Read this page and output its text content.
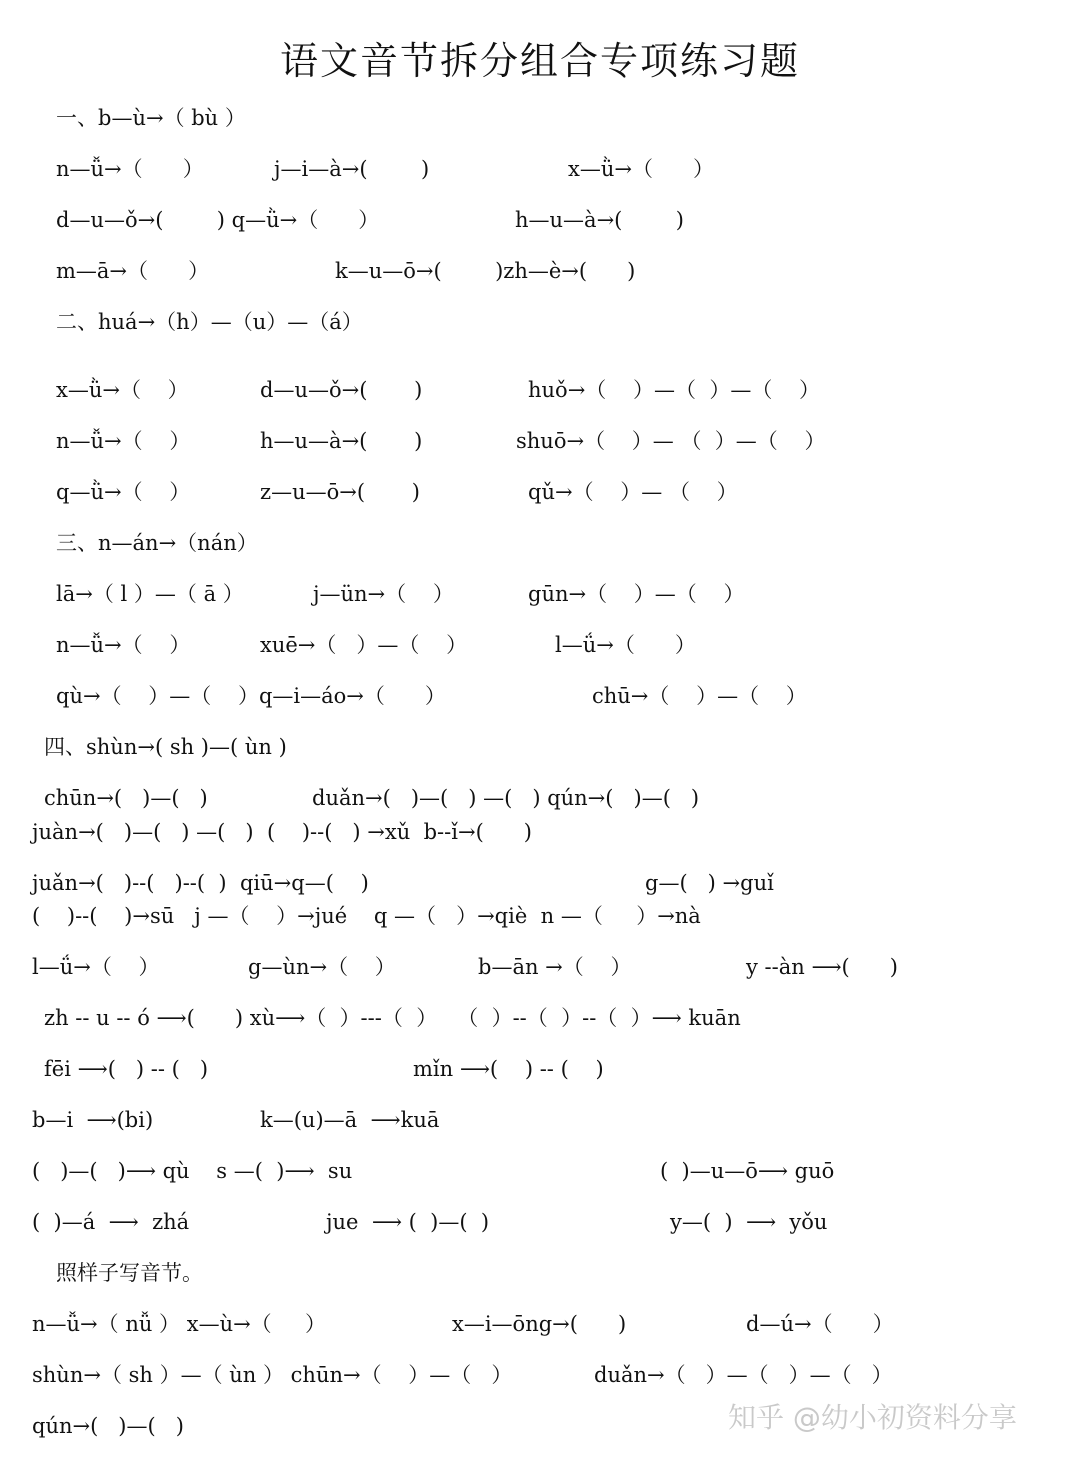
语文音节拆分组合专项练习题
一、b—ù→（ bù ）
n—ǚ→（      ）	j—i—à→(        )	x—ǜ→（      ）
d—u—ǒ→(        ) q—ǜ→（      ）	h—u—à→(        )
m—ā→（      ）	k—u—ō→(        )zh—è→(      )
二、huá→（h）—（u）—（á）
x—ǜ→（    ）	d—u—ǒ→(       )	huǒ→（    ）—（  ）—（    ）
n—ǚ→（    ）	h—u—à→(       )	shuō→（    ）— （  ）—（    ）
q—ǜ→（    ）	z—u—ō→(       )	qǔ→（    ）— （    ）
三、n—án→（nán）
lā→（ l ）—（ ā ）	j—ün→（    ）	gūn→（    ）—（    ）
n—ǚ→（    ）	xuē→（   ）—（    ）	l—ǘ→（      ）
qù→（    ）—（    ）q—i—áo→（      ）	chū→（    ）—（    ）
四、shùn→( sh )—( ùn )
chūn→(   )—(   )	duǎn→(   )—(   ) —(   ) qún→(   )—(   )
juàn→(   )—(   ) —(   )  (    )--(   ) →xǔ  b--ǐ→(      )
juǎn→(   )--(   )--(  )  qiū→q—(    )	g—(   ) →guǐ
(    )--(    )→sū   j —（    ）→jué    q —（   ）→qiè  n —（     ）→nà
l—ǘ→（    ）	g—ùn→（    ）	b—ān →（    ）	y --àn ⟶(      )
zh -- u -- ó ⟶(      ) xù⟶（  ）---（  ）   （  ）--（  ）--（  ）⟶ kuān
fēi ⟶(   ) -- (   )	mǐn ⟶(    ) -- (    )
b—i  ⟶(bi)	k—(u)—ā  ⟶kuā
(   )—(   )⟶ qù    s —(  )⟶  su	(  )—u—ō⟶ guō
(  )—á  ⟶  zhá	jue  ⟶ (  )—(  )	y—(  )  ⟶  yǒu
照样子写音节。
n—ǚ→（ nǚ ） x—ù→（     ）	x—i—ōng→(      )	d—ú→（      ）
shùn→（ sh ）—（ ùn ） chūn→（    ）—（   ）	duǎn→（   ）—（   ）—（   ）
qún→(   )—(   )	知乎 @幼小初资料分享
